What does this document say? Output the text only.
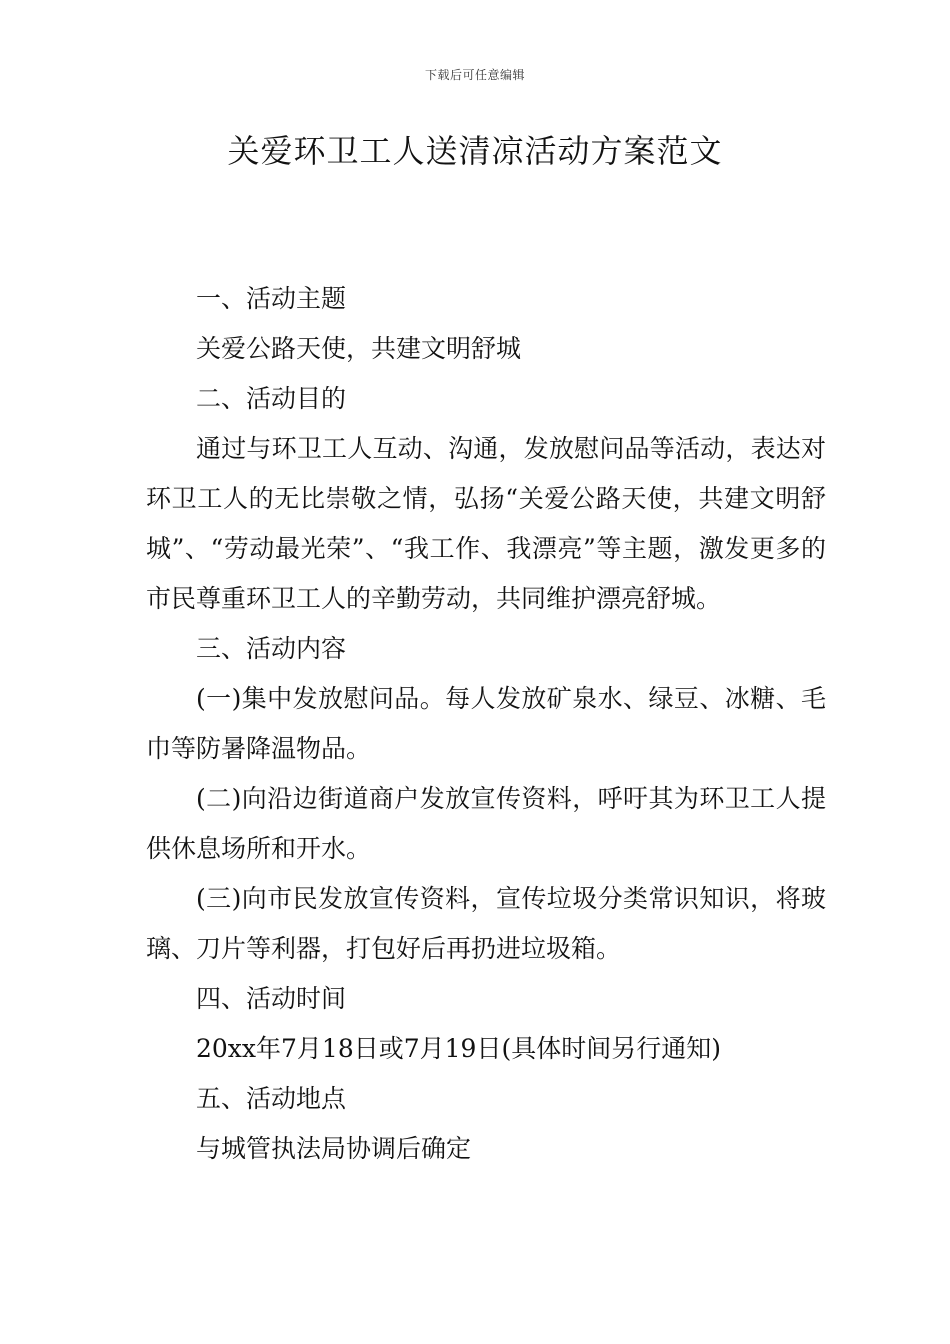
下载后可任意编辑
关爱环卫工人送清凉活动方案范文

一、活动主题

关爱公路天使，共建文明舒城

二、活动目的

通过与环卫工人互动、沟通，发放慰问品等活动，表达对环卫工人的无比崇敬之情，弘扬“关爱公路天使，共建文明舒城”、“劳动最光荣”、“我工作、我漂亮”等主题，激发更多的市民尊重环卫工人的辛勤劳动，共同维护漂亮舒城。

三、活动内容

(一)集中发放慰问品。每人发放矿泉水、绿豆、冰糖、毛巾等防暑降温物品。

(二)向沿边街道商户发放宣传资料，呼吁其为环卫工人提供休息场所和开水。

(三)向市民发放宣传资料，宣传垃圾分类常识知识，将玻璃、刀片等利器，打包好后再扔进垃圾箱。

四、活动时间

20xx年7月18日或7月19日(具体时间另行通知)

五、活动地点

与城管执法局协调后确定
